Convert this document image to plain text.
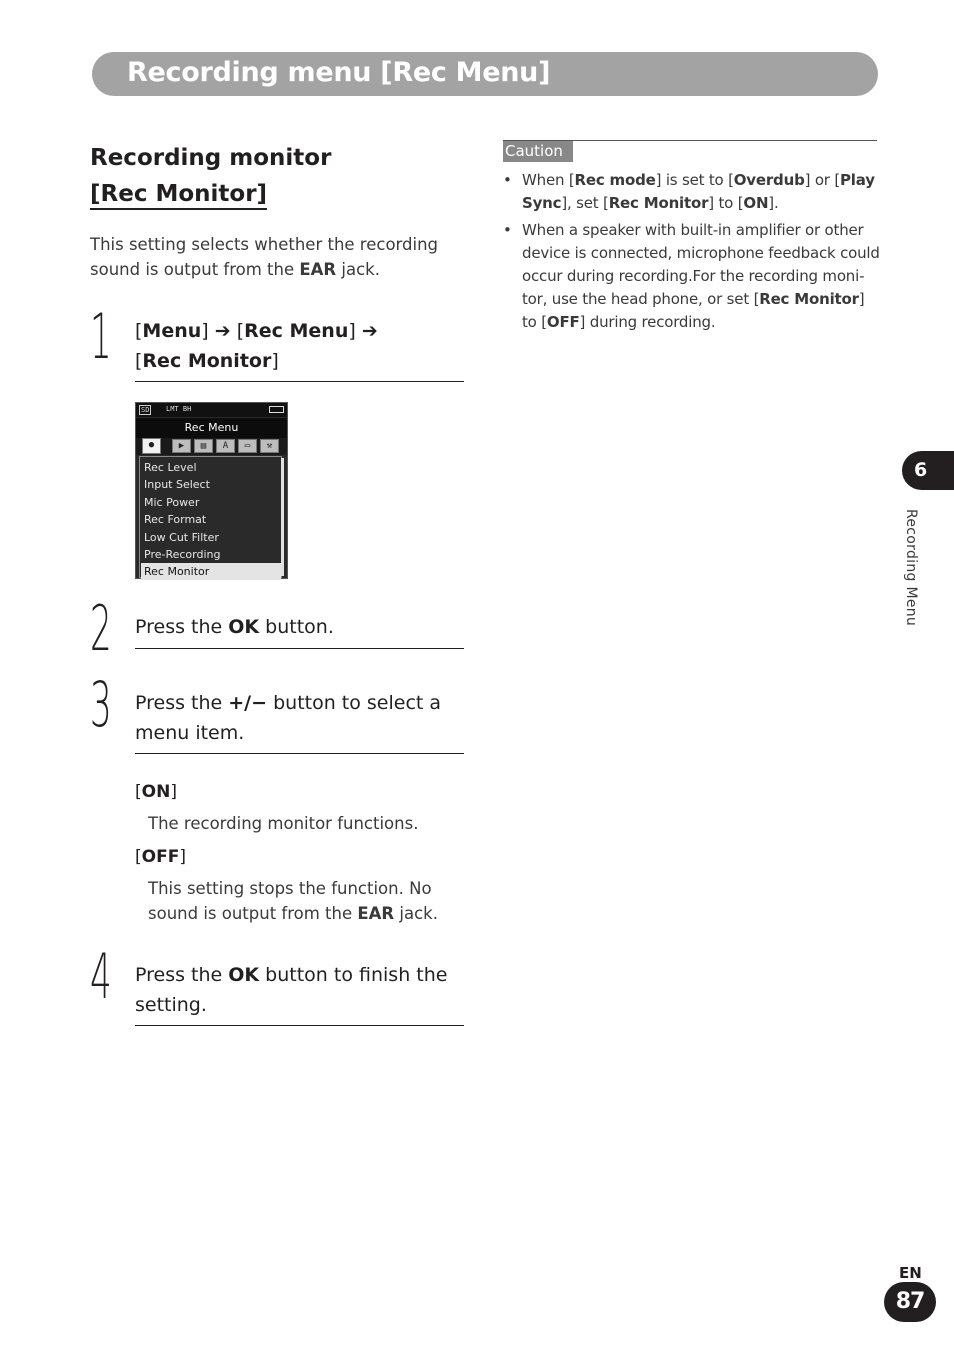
Recording menu [Rec Menu]
Recording monitor
[Rec Monitor]
This setting selects whether the recording sound is output from the EAR jack.
1 [Menu] ➔ [Rec Menu] ➔
[Rec Monitor]
SD LMT BH
Rec Menu
●	▶	▤	A	▭	⚒
Rec Level
Input Select
Mic Power
Rec Format
Low Cut Filter
Pre-Recording
Rec Monitor
2 Press the OK button.
3 Press the +/− button to select a menu item.
[ON]
The recording monitor functions.
[OFF]
This setting stops the function. No sound is output from the EAR jack.
4 Press the OK button to finish the setting.
Caution
• When [Rec mode] is set to [Overdub] or [Play Sync], set [Rec Monitor] to [ON].
• When a speaker with built-in amplifier or other device is connected, microphone feedback could occur during recording.For the recording moni-tor, use the head phone, or set [Rec Monitor] to [OFF] during recording.
6
Recording Menu
EN
87
